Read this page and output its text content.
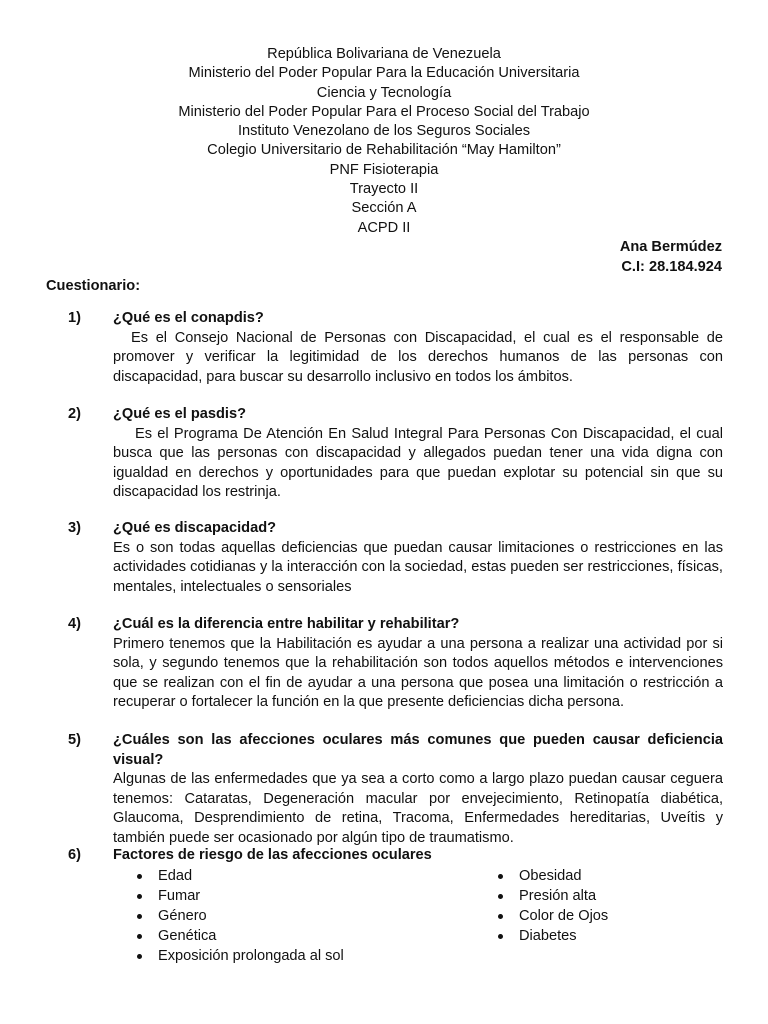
República Bolivariana de Venezuela
Ministerio del Poder Popular Para la Educación Universitaria
Ciencia y Tecnología
Ministerio del Poder Popular Para el Proceso Social del Trabajo
Instituto Venezolano de los Seguros Sociales
Colegio Universitario de Rehabilitación “May Hamilton”
PNF Fisioterapia
Trayecto II
Sección A
ACPD II
Ana Bermúdez
C.I: 28.184.924
Cuestionario:
1) ¿Qué es el conapdis?
Es el Consejo Nacional de Personas con Discapacidad, el cual es el responsable de promover y verificar la legitimidad de los derechos humanos de las personas con discapacidad, para buscar su desarrollo inclusivo en todos los ámbitos.
2) ¿Qué es el pasdis?
Es el Programa De Atención En Salud Integral Para Personas Con Discapacidad, el cual busca que las personas con discapacidad y allegados puedan tener una vida digna con igualdad en derechos y oportunidades para que puedan explotar su potencial sin que su discapacidad los restrinja.
3) ¿Qué es discapacidad?
Es o son todas aquellas deficiencias que puedan causar limitaciones o restricciones en las actividades cotidianas y la interacción con la sociedad, estas pueden ser restricciones, físicas, mentales, intelectuales o sensoriales
4) ¿Cuál es la diferencia entre habilitar y rehabilitar?
Primero tenemos que la Habilitación es ayudar a una persona a realizar una actividad por si sola, y segundo tenemos que la rehabilitación son todos aquellos métodos e intervenciones que se realizan con el fin de ayudar a una persona que posea una limitación o restricción a recuperar o fortalecer la función en la que presente deficiencias dicha persona.
5) ¿Cuáles son las afecciones oculares más comunes que pueden causar deficiencia visual?
Algunas de las enfermedades que ya sea a corto como a largo plazo puedan causar ceguera tenemos: Cataratas, Degeneración macular por envejecimiento, Retinopatía diabética, Glaucoma, Desprendimiento de retina, Tracoma, Enfermedades hereditarias, Uveítis y también puede ser ocasionado por algún tipo de traumatismo.
6) Factores de riesgo de las afecciones oculares
Edad
Fumar
Género
Genética
Exposición prolongada al sol
Obesidad
Presión alta
Color de Ojos
Diabetes
